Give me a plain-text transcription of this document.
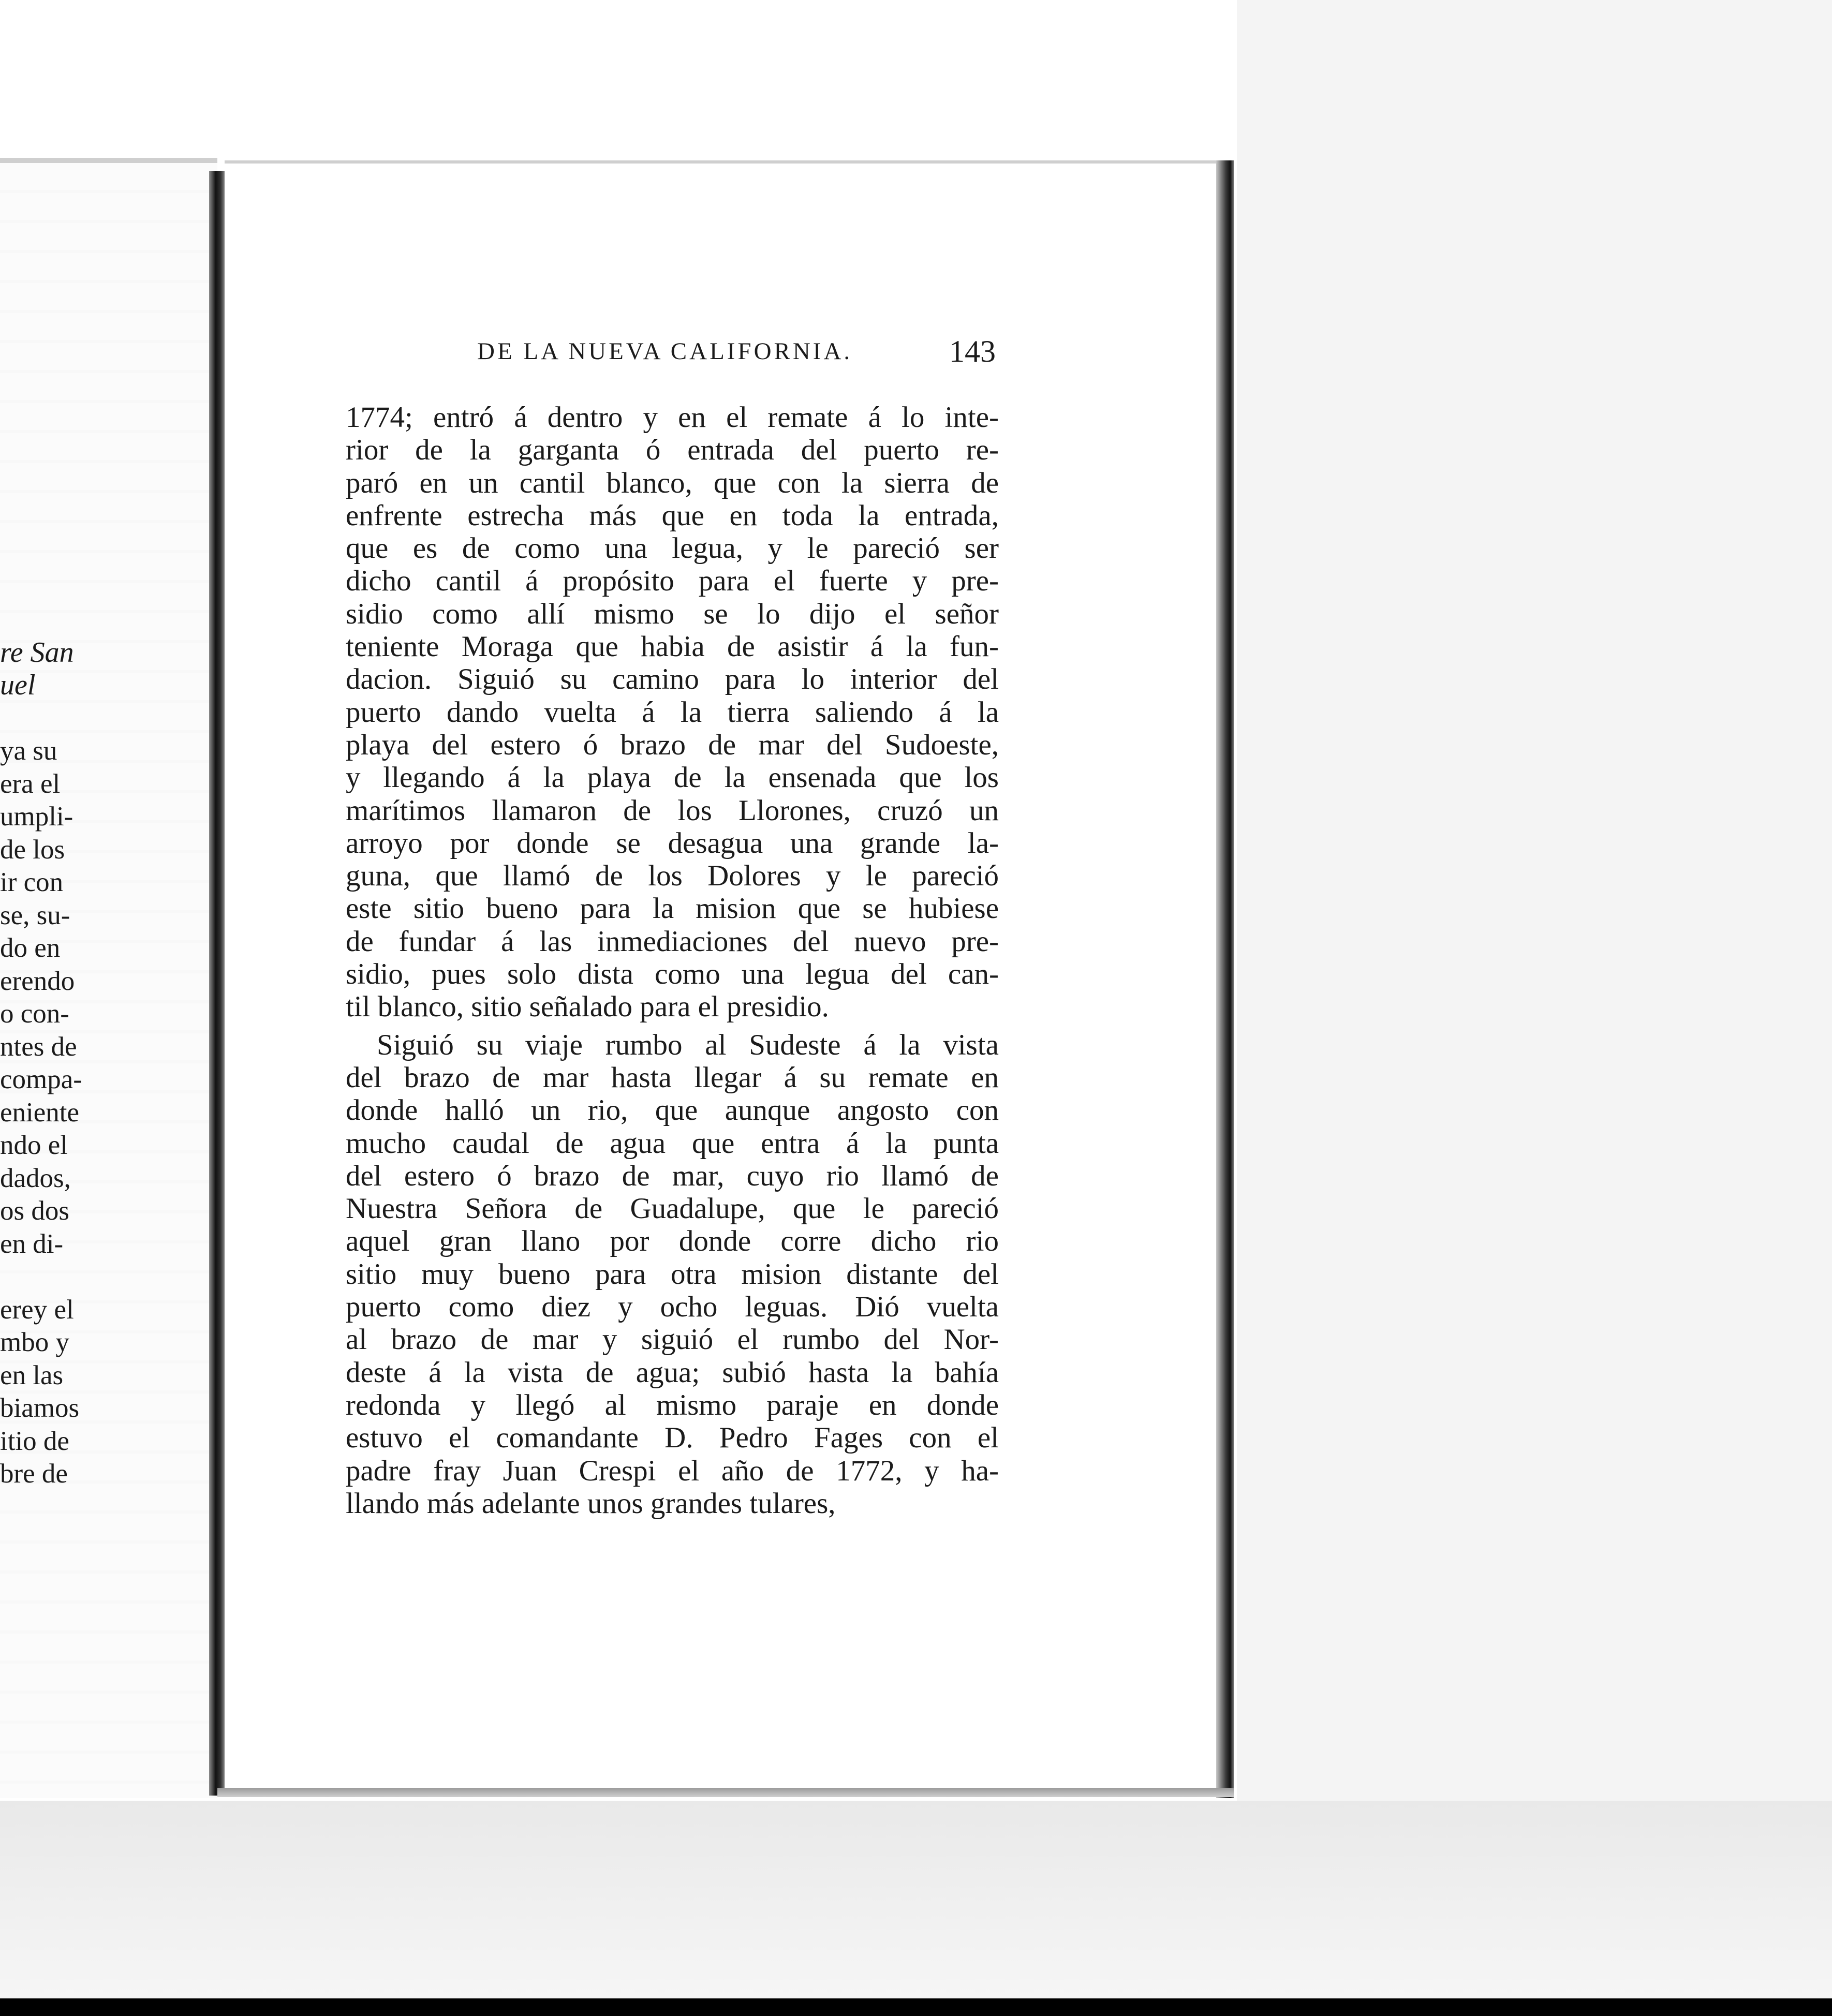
re San
uel

ya su
era el
umpli-
de los
ir con
se, su-
do en
erendo
o con-
ntes de
compa-
eniente
ndo el
dados,
os dos
en di-

erey el
mbo y
en las
biamos
itio de
bre de
DE LA NUEVA CALIFORNIA.	143
1774; entró á dentro y en el remate á lo inte-
rior de la garganta ó entrada del puerto re-
paró en un cantil blanco, que con la sierra de
enfrente estrecha más que en toda la entrada,
que es de como una legua, y le pareció ser
dicho cantil á propósito para el fuerte y pre-
sidio como allí mismo se lo dijo el señor
teniente Moraga que habia de asistir á la fun-
dacion. Siguió su camino para lo interior del
puerto dando vuelta á la tierra saliendo á la
playa del estero ó brazo de mar del Sudoeste,
y llegando á la playa de la ensenada que los
marítimos llamaron de los Llorones, cruzó un
arroyo por donde se desagua una grande la-
guna, que llamó de los Dolores y le pareció
este sitio bueno para la mision que se hubiese
de fundar á las inmediaciones del nuevo pre-
sidio, pues solo dista como una legua del can-
til blanco, sitio señalado para el presidio.
Siguió su viaje rumbo al Sudeste á la vista
del brazo de mar hasta llegar á su remate en
donde halló un rio, que aunque angosto con
mucho caudal de agua que entra á la punta
del estero ó brazo de mar, cuyo rio llamó de
Nuestra Señora de Guadalupe, que le pareció
aquel gran llano por donde corre dicho rio
sitio muy bueno para otra mision distante del
puerto como diez y ocho leguas. Dió vuelta
al brazo de mar y siguió el rumbo del Nor-
deste á la vista de agua; subió hasta la bahía
redonda y llegó al mismo paraje en donde
estuvo el comandante D. Pedro Fages con el
padre fray Juan Crespi el año de 1772, y ha-
llando más adelante unos grandes tulares,
